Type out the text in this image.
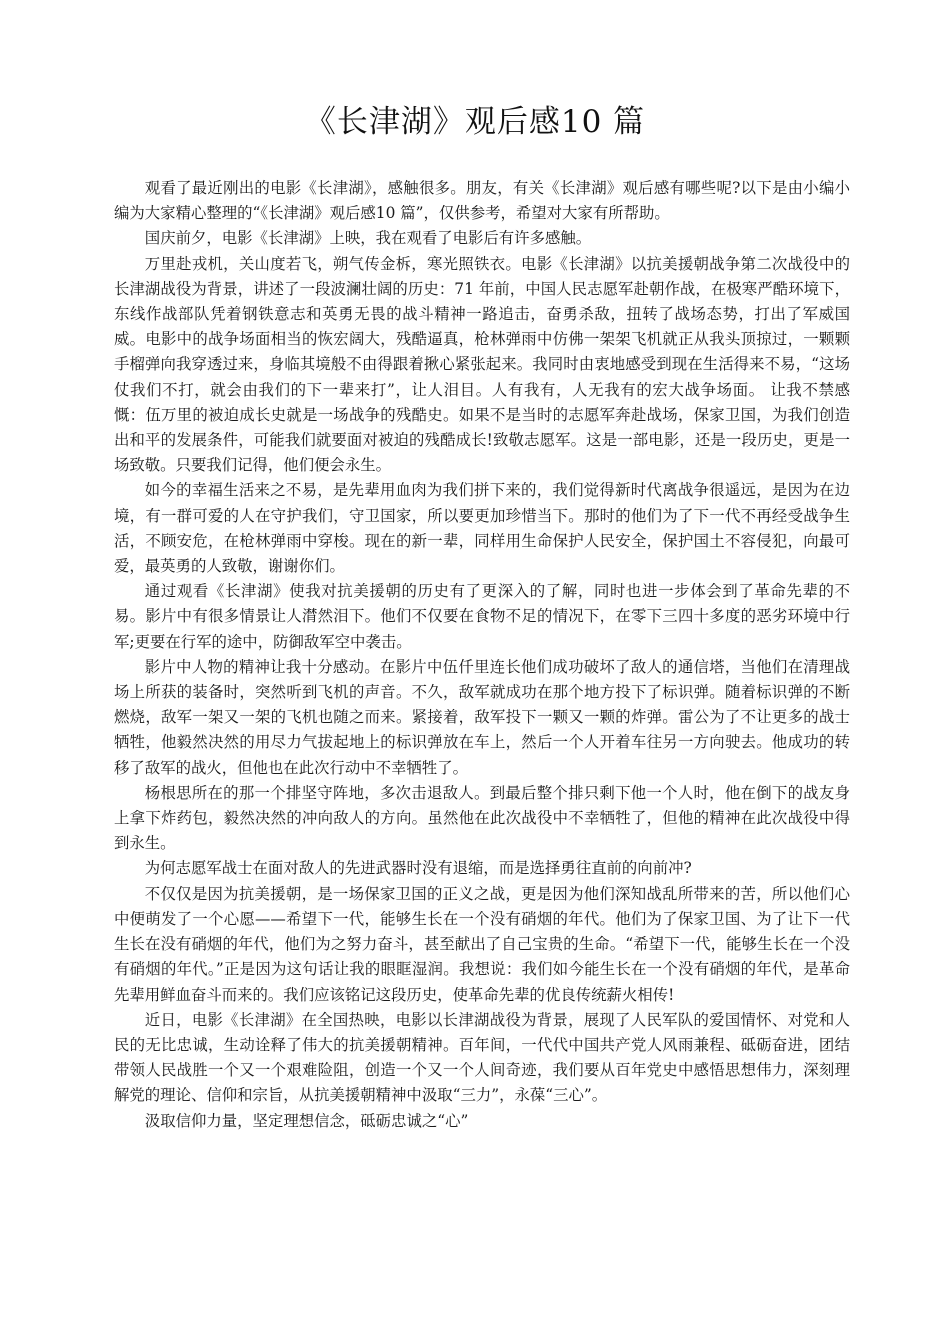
《长津湖》观后感10 篇

观看了最近刚出的电影《长津湖》，感触很多。朋友，有关《长津湖》观后感有哪些呢?以下是由小编小编为大家精心整理的“《长津湖》观后感10 篇”，仅供参考，希望对大家有所帮助。

国庆前夕，电影《长津湖》上映，我在观看了电影后有许多感触。

万里赴戎机，关山度若飞，朔气传金柝，寒光照铁衣。电影《长津湖》以抗美援朝战争第二次战役中的长津湖战役为背景，讲述了一段波澜壮阔的历史：71 年前，中国人民志愿军赴朝作战，在极寒严酷环境下，东线作战部队凭着钢铁意志和英勇无畏的战斗精神一路追击，奋勇杀敌，扭转了战场态势，打出了军威国威。电影中的战争场面相当的恢宏阔大，残酷逼真，枪林弹雨中仿佛一架架飞机就正从我头顶掠过，一颗颗手榴弹向我穿透过来，身临其境般不由得跟着揪心紧张起来。我同时由衷地感受到现在生活得来不易，“这场仗我们不打，就会由我们的下一辈来打”，让人泪目。人有我有，人无我有的宏大战争场面。 让我不禁感慨：伍万里的被迫成长史就是一场战争的残酷史。如果不是当时的志愿军奔赴战场，保家卫国，为我们创造出和平的发展条件，可能我们就要面对被迫的残酷成长!致敬志愿军。这是一部电影，还是一段历史，更是一场致敬。只要我们记得，他们便会永生。

如今的幸福生活来之不易，是先辈用血肉为我们拼下来的，我们觉得新时代离战争很遥远，是因为在边境，有一群可爱的人在守护我们，守卫国家，所以要更加珍惜当下。那时的他们为了下一代不再经受战争生活，不顾安危，在枪林弹雨中穿梭。现在的新一辈，同样用生命保护人民安全，保护国土不容侵犯，向最可爱，最英勇的人致敬，谢谢你们。

通过观看《长津湖》使我对抗美援朝的历史有了更深入的了解，同时也进一步体会到了革命先辈的不易。影片中有很多情景让人潸然泪下。他们不仅要在食物不足的情况下，在零下三四十多度的恶劣环境中行军;更要在行军的途中，防御敌军空中袭击。

影片中人物的精神让我十分感动。在影片中伍仟里连长他们成功破坏了敌人的通信塔，当他们在清理战场上所获的装备时，突然听到飞机的声音。不久，敌军就成功在那个地方投下了标识弹。随着标识弹的不断燃烧，敌军一架又一架的飞机也随之而来。紧接着，敌军投下一颗又一颗的炸弹。雷公为了不让更多的战士牺牲，他毅然决然的用尽力气拔起地上的标识弹放在车上，然后一个人开着车往另一方向驶去。他成功的转移了敌军的战火，但他也在此次行动中不幸牺牲了。

杨根思所在的那一个排坚守阵地，多次击退敌人。到最后整个排只剩下他一个人时，他在倒下的战友身上拿下炸药包，毅然决然的冲向敌人的方向。虽然他在此次战役中不幸牺牲了，但他的精神在此次战役中得到永生。

为何志愿军战士在面对敌人的先进武器时没有退缩，而是选择勇往直前的向前冲?

不仅仅是因为抗美援朝，是一场保家卫国的正义之战，更是因为他们深知战乱所带来的苦，所以他们心中便萌发了一个心愿——希望下一代，能够生长在一个没有硝烟的年代。他们为了保家卫国、为了让下一代生长在没有硝烟的年代，他们为之努力奋斗，甚至献出了自己宝贵的生命。“希望下一代，能够生长在一个没有硝烟的年代。”正是因为这句话让我的眼眶湿润。我想说：我们如今能生长在一个没有硝烟的年代，是革命先辈用鲜血奋斗而来的。我们应该铭记这段历史，使革命先辈的优良传统薪火相传!

近日，电影《长津湖》在全国热映，电影以长津湖战役为背景，展现了人民军队的爱国情怀、对党和人民的无比忠诚，生动诠释了伟大的抗美援朝精神。百年间，一代代中国共产党人风雨兼程、砥砺奋进，团结带领人民战胜一个又一个艰难险阻，创造一个又一个人间奇迹，我们要从百年党史中感悟思想伟力，深刻理解党的理论、信仰和宗旨，从抗美援朝精神中汲取“三力”，永葆“三心”。

汲取信仰力量，坚定理想信念，砥砺忠诚之“心”
